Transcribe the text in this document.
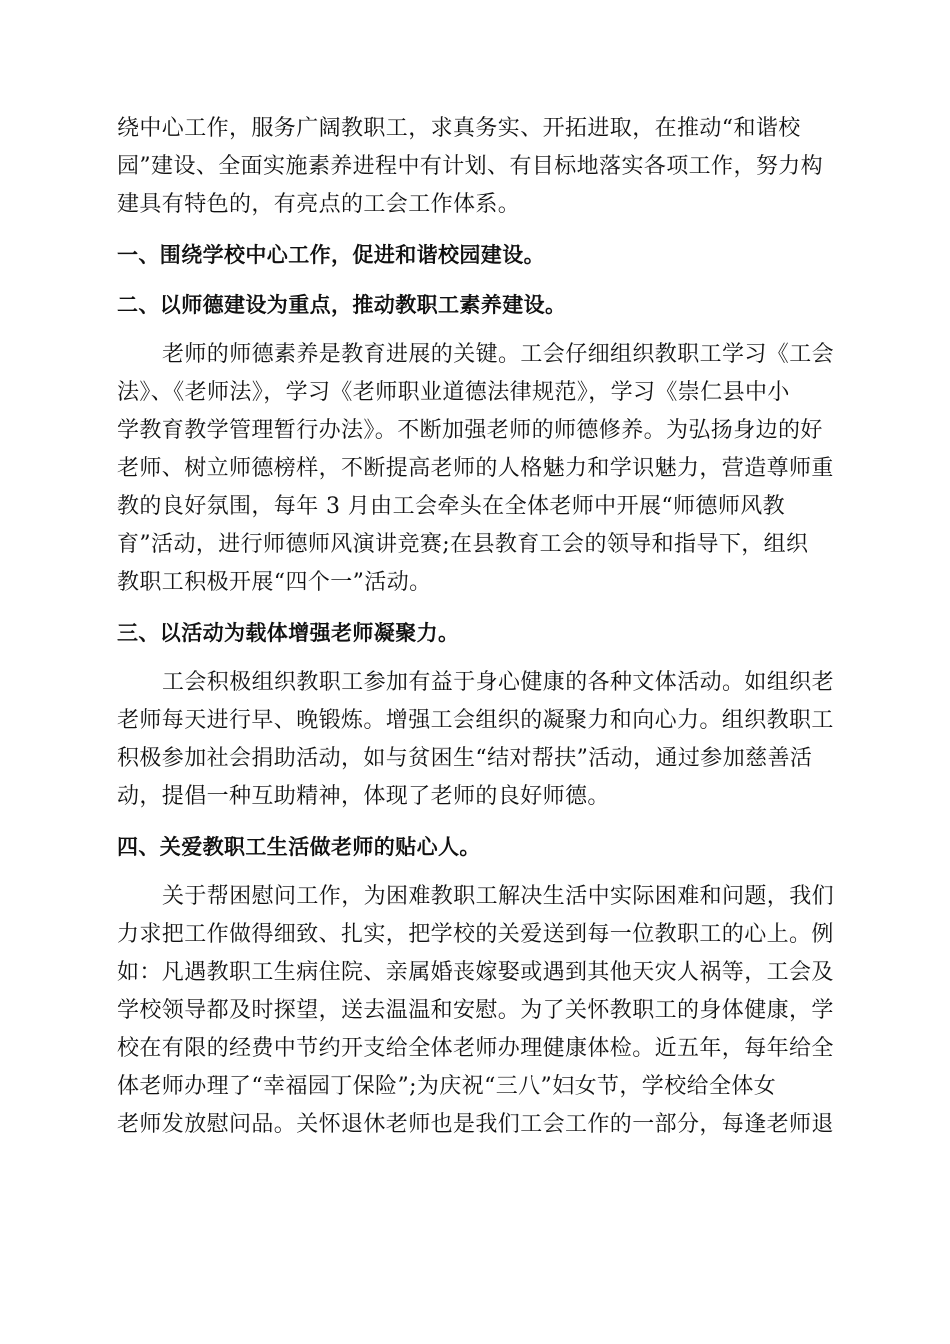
绕中心工作，服务广阔教职工，求真务实、开拓进取，在推动“和谐校
园”建设、全面实施素养进程中有计划、有目标地落实各项工作，努力构
建具有特色的，有亮点的工会工作体系。
一、围绕学校中心工作，促进和谐校园建设。
二、以师德建设为重点，推动教职工素养建设。
老师的师德素养是教育进展的关键。工会仔细组织教职工学习《工会
法》、《老师法》，学习《老师职业道德法律规范》，学习《崇仁县中小
学教育教学管理暂行办法》。不断加强老师的师德修养。为弘扬身边的好
老师、树立师德榜样，不断提高老师的人格魅力和学识魅力，营造尊师重
教的良好氛围，每年 3 月由工会牵头在全体老师中开展“师德师风教
育”活动，进行师德师风演讲竞赛;在县教育工会的领导和指导下，组织
教职工积极开展“四个一”活动。
三、以活动为载体增强老师凝聚力。
工会积极组织教职工参加有益于身心健康的各种文体活动。如组织老
老师每天进行早、晚锻炼。增强工会组织的凝聚力和向心力。组织教职工
积极参加社会捐助活动，如与贫困生“结对帮扶”活动，通过参加慈善活
动，提倡一种互助精神，体现了老师的良好师德。
四、关爱教职工生活做老师的贴心人。
关于帮困慰问工作，为困难教职工解决生活中实际困难和问题，我们
力求把工作做得细致、扎实，把学校的关爱送到每一位教职工的心上。例
如：凡遇教职工生病住院、亲属婚丧嫁娶或遇到其他天灾人祸等，工会及
学校领导都及时探望，送去温温和安慰。为了关怀教职工的身体健康，学
校在有限的经费中节约开支给全体老师办理健康体检。近五年，每年给全
体老师办理了“幸福园丁保险”;为庆祝“三八”妇女节，学校给全体女
老师发放慰问品。关怀退休老师也是我们工会工作的一部分，每逢老师退
